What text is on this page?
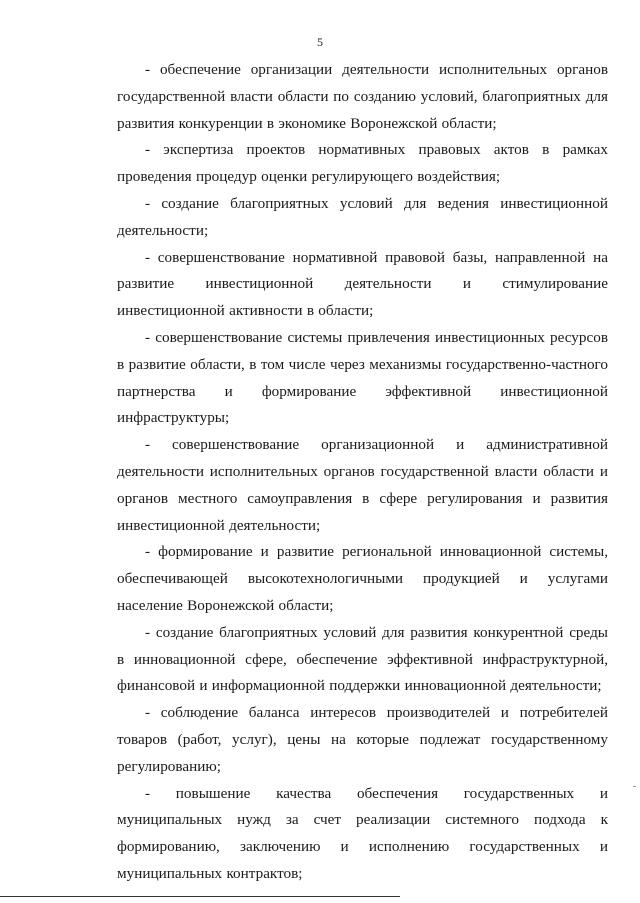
5

- обеспечение организации деятельности исполнительных органов государственной власти области по созданию условий, благоприятных для развития конкуренции в экономике Воронежской области;

- экспертиза проектов нормативных правовых актов в рамках проведения процедур оценки регулирующего воздействия;

- создание благоприятных условий для ведения инвестиционной деятельности;

- совершенствование нормативной правовой базы, направленной на развитие инвестиционной деятельности и стимулирование инвестиционной активности в области;

- совершенствование системы привлечения инвестиционных ресурсов в развитие области, в том числе через механизмы государственно-частного партнерства и формирование эффективной инвестиционной инфраструктуры;

- совершенствование организационной и административной деятельности исполнительных органов государственной власти области и органов местного самоуправления в сфере регулирования и развития инвестиционной деятельности;

- формирование и развитие региональной инновационной системы, обеспечивающей высокотехнологичными продукцией и услугами население Воронежской области;

- создание благоприятных условий для развития конкурентной среды в инновационной сфере, обеспечение эффективной инфраструктурной, финансовой и информационной поддержки инновационной деятельности;

- соблюдение баланса интересов производителей и потребителей товаров (работ, услуг), цены на которые подлежат государственному регулированию;

- повышение качества обеспечения государственных и муниципальных нужд за счет реализации системного подхода к формированию, заключению и исполнению государственных и муниципальных контрактов;
